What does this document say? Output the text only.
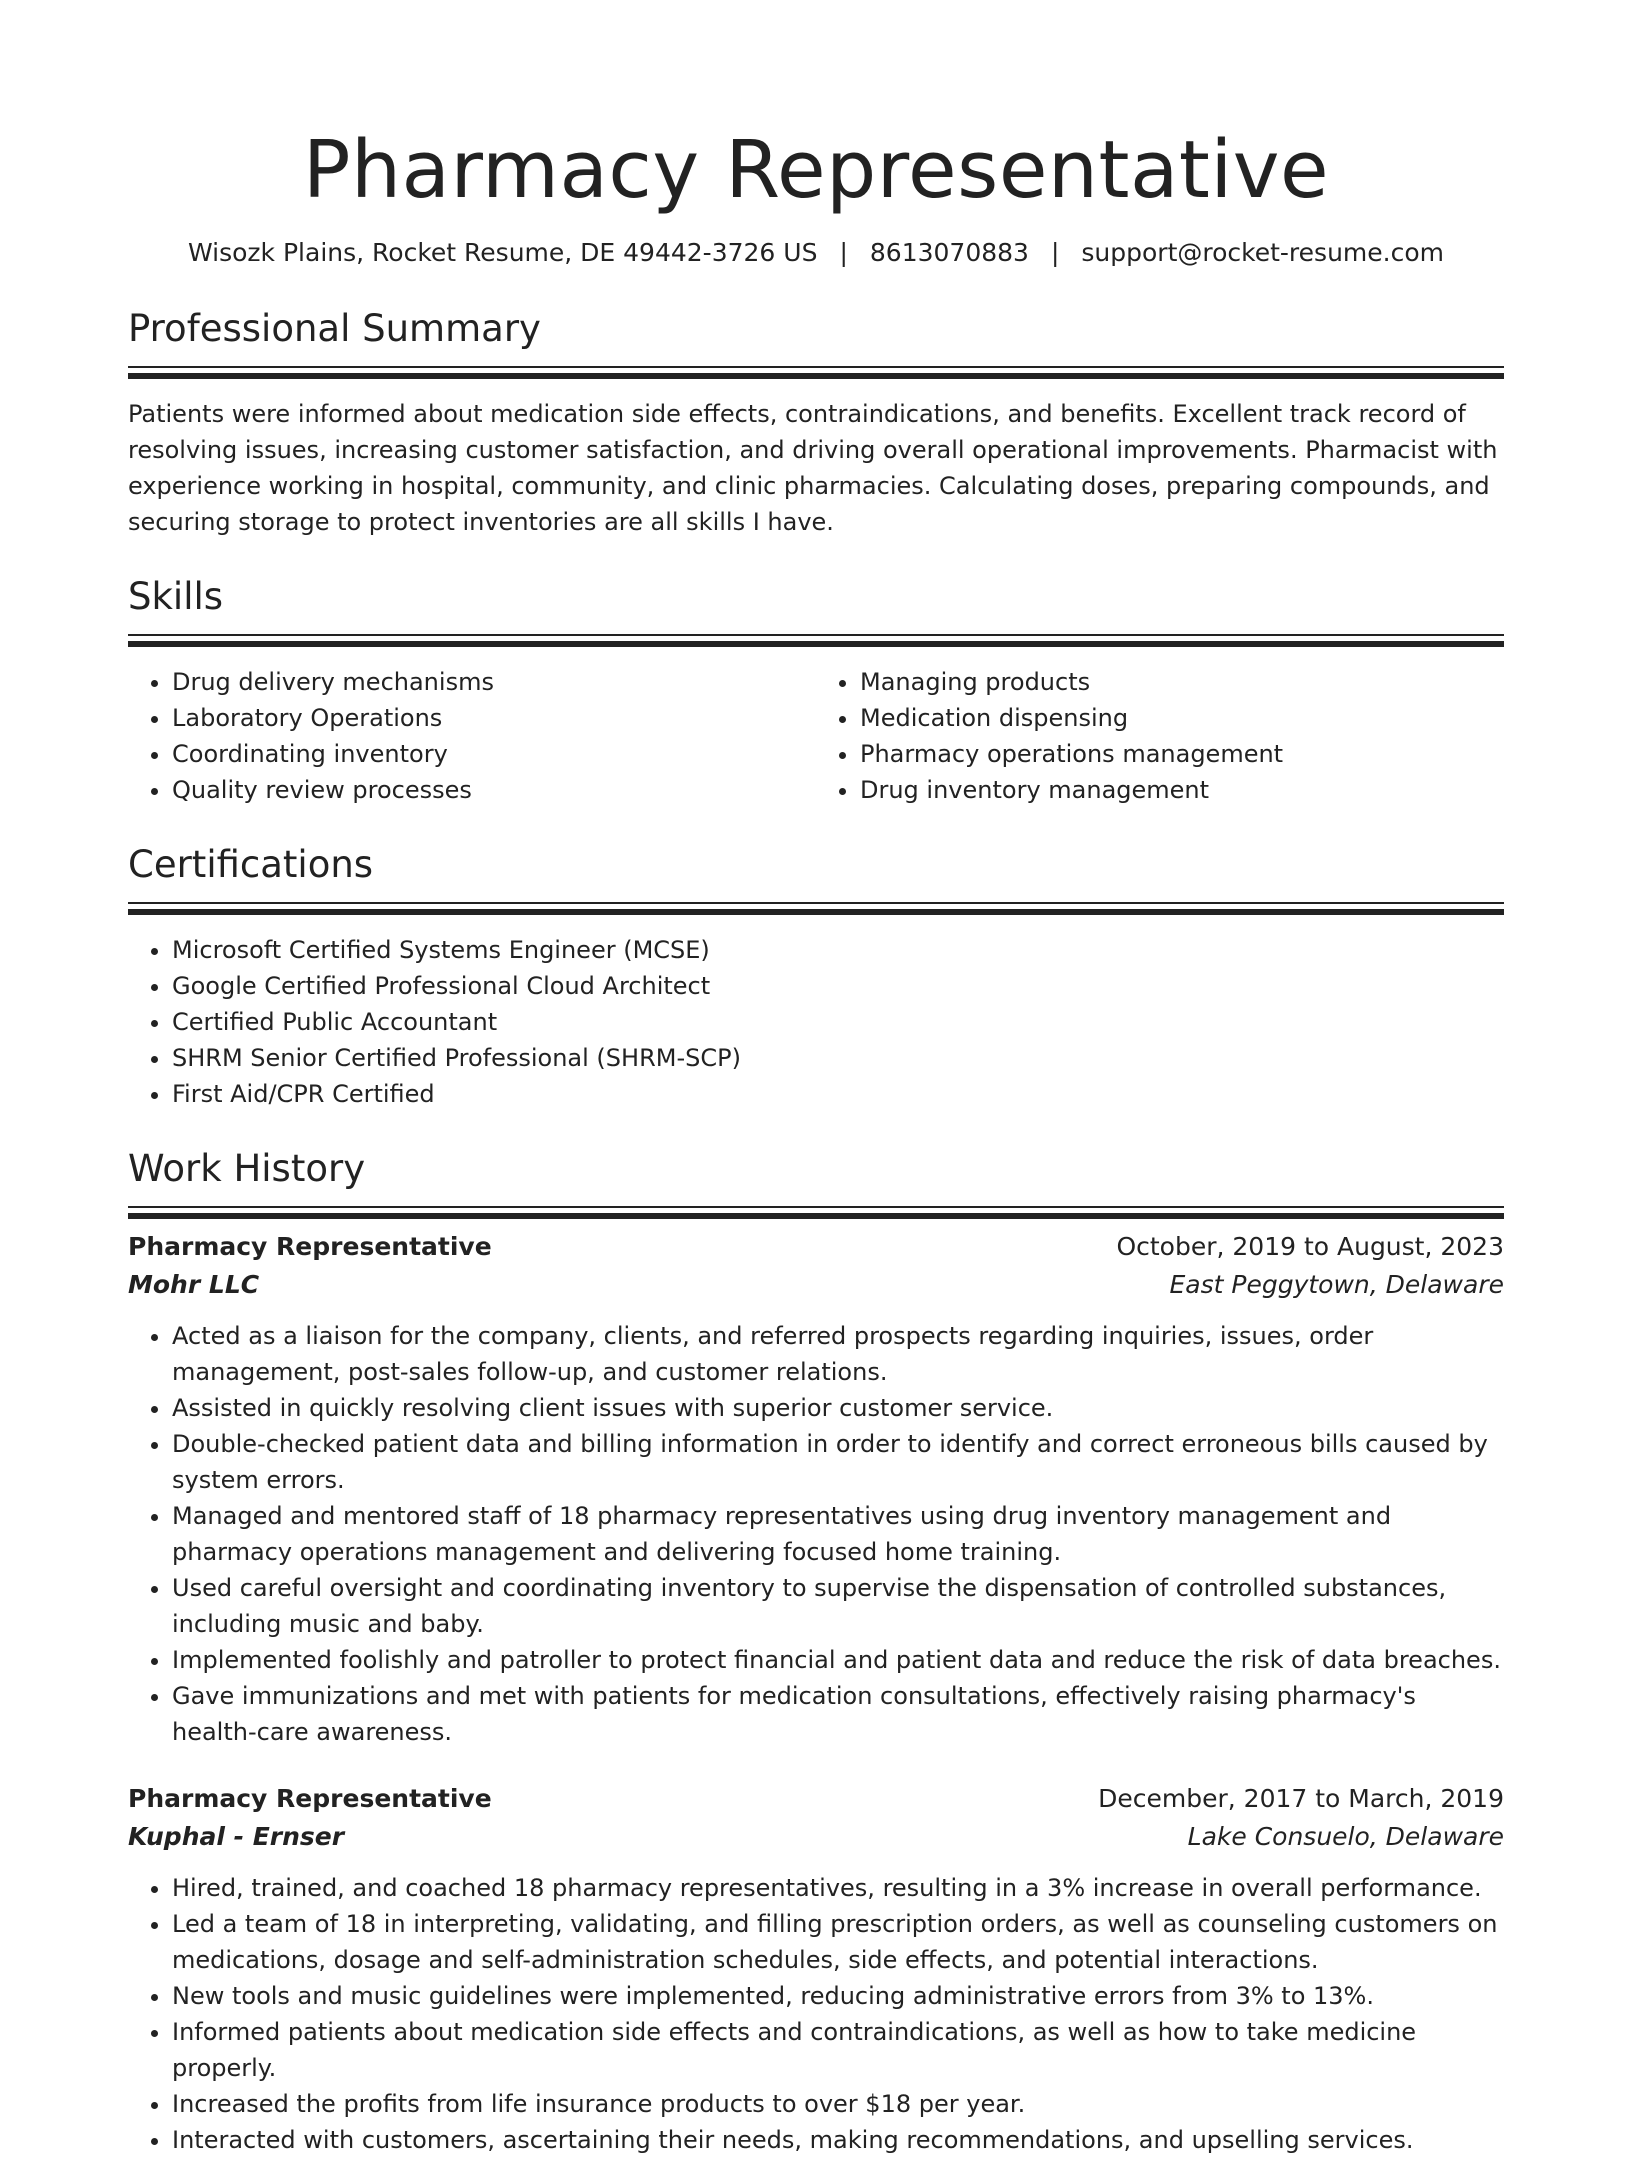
Pharmacy Representative
Wisozk Plains, Rocket Resume, DE 49442-3726 US | 8613070883 | support@rocket-resume.com
Professional Summary
Patients were informed about medication side effects, contraindications, and benefits. Excellent track record of resolving issues, increasing customer satisfaction, and driving overall operational improvements. Pharmacist with experience working in hospital, community, and clinic pharmacies. Calculating doses, preparing compounds, and securing storage to protect inventories are all skills I have.
Skills
• Drug delivery mechanisms
• Laboratory Operations
• Coordinating inventory
• Quality review processes
• Managing products
• Medication dispensing
• Pharmacy operations management
• Drug inventory management
Certifications
• Microsoft Certified Systems Engineer (MCSE)
• Google Certified Professional Cloud Architect
• Certified Public Accountant
• SHRM Senior Certified Professional (SHRM-SCP)
• First Aid/CPR Certified
Work History
Pharmacy Representative	October, 2019 to August, 2023
Mohr LLC	East Peggytown, Delaware
• Acted as a liaison for the company, clients, and referred prospects regarding inquiries, issues, order management, post-sales follow-up, and customer relations.
• Assisted in quickly resolving client issues with superior customer service.
• Double-checked patient data and billing information in order to identify and correct erroneous bills caused by system errors.
• Managed and mentored staff of 18 pharmacy representatives using drug inventory management and pharmacy operations management and delivering focused home training.
• Used careful oversight and coordinating inventory to supervise the dispensation of controlled substances, including music and baby.
• Implemented foolishly and patroller to protect financial and patient data and reduce the risk of data breaches.
• Gave immunizations and met with patients for medication consultations, effectively raising pharmacy's health-care awareness.
Pharmacy Representative	December, 2017 to March, 2019
Kuphal - Ernser	Lake Consuelo, Delaware
• Hired, trained, and coached 18 pharmacy representatives, resulting in a 3% increase in overall performance.
• Led a team of 18 in interpreting, validating, and filling prescription orders, as well as counseling customers on medications, dosage and self-administration schedules, side effects, and potential interactions.
• New tools and music guidelines were implemented, reducing administrative errors from 3% to 13%.
• Informed patients about medication side effects and contraindications, as well as how to take medicine properly.
• Increased the profits from life insurance products to over $18 per year.
• Interacted with customers, ascertaining their needs, making recommendations, and upselling services.
